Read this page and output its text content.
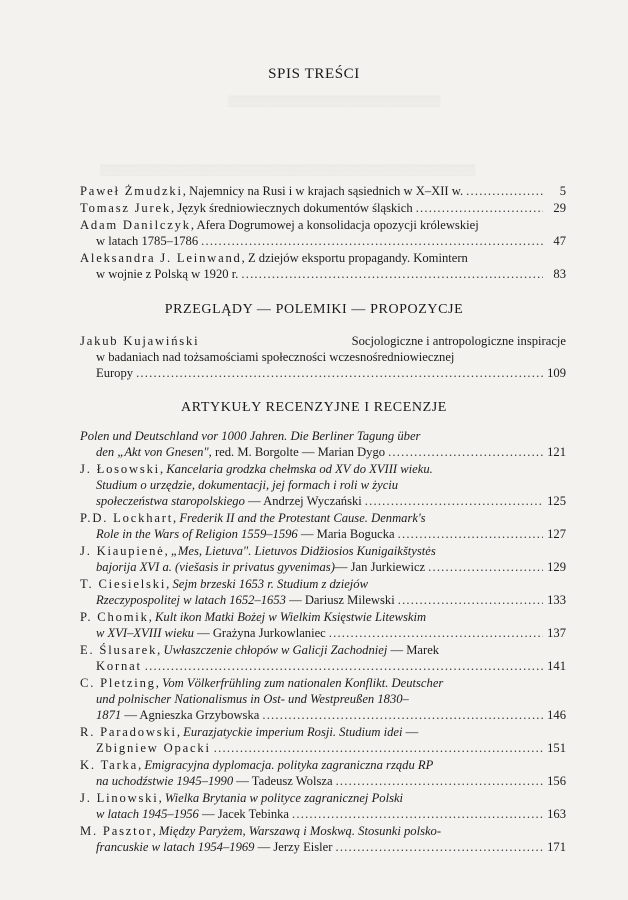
▒▒▒▒▒▒▒▒▒▒▒▒▒▒▒▒▒▒▒▒▒▒▒▒▒▒▒▒▒▒
▒▒▒▒▒▒▒▒▒▒▒▒▒▒▒▒▒▒▒▒▒▒▒▒▒▒▒▒▒▒▒▒▒▒▒▒▒▒▒▒▒▒▒▒▒▒▒▒▒▒▒▒▒
SPIS TREŚCI
Paweł Żmudzki, Najemnicy na Rusi i w krajach sąsiednich w X–XII w. .....	5
Tomasz Jurek, Język średniowiecznych dokumentów śląskich .....	29
Adam Danilczyk, Afera Dogrumowej a konsolidacja opozycji królewskiej
w latach 1785–1786 .....	47
Aleksandra J. Leinwand, Z dziejów eksportu propagandy. Komintern
w wojnie z Polską w 1920 r. .....	83
PRZEGLĄDY — POLEMIKI — PROPOZYCJE
Jakub Kujawiński	Socjologiczne i antropologiczne inspiracje
w badaniach nad tożsamościami społeczności wczesnośredniowiecznej
Europy .....	109
ARTYKUŁY RECENZYJNE I RECENZJE
Polen und Deutschland vor 1000 Jahren. Die Berliner Tagung über
den „Akt von Gnesen", red. M. Borgolte — Marian Dygo .....	121
J. Łosowski, Kancelaria grodzka chełmska od XV do XVIII wieku.
Studium o urzędzie, dokumentacji, jej formach i roli w życiu
społeczeństwa staropolskiego — Andrzej Wyczański .....	125
P.D. Lockhart, Frederik II and the Protestant Cause. Denmark's
Role in the Wars of Religion 1559–1596 — Maria Bogucka .....	127
J. Kiaupienė, „Mes, Lietuva". Lietuvos Didžiosios Kunigaikštystės
bajorija XVI a. (viešasis ir privatus gyvenimas)— Jan Jurkiewicz .....	129
T. Ciesielski, Sejm brzeski 1653 r. Studium z dziejów
Rzeczypospolitej w latach 1652–1653 — Dariusz Milewski .....	133
P. Chomik, Kult ikon Matki Bożej w Wielkim Księstwie Litewskim
w XVI–XVIII wieku — Grażyna Jurkowlaniec .....	137
E. Ślusarek, Uwłaszczenie chłopów w Galicji Zachodniej — Marek
Kornat .....	141
C. Pletzing, Vom Völkerfrühling zum nationalen Konflikt. Deutscher
und polnischer Nationalismus in Ost- und Westpreußen 1830–
1871 — Agnieszka Grzybowska .....	146
R. Paradowski, Eurazjatyckie imperium Rosji. Studium idei —
Zbigniew Opacki .....	151
K. Tarka, Emigracyjna dyplomacja. polityka zagraniczna rządu RP
na uchodźstwie 1945–1990 — Tadeusz Wolsza .....	156
J. Linowski, Wielka Brytania w polityce zagranicznej Polski
w latach 1945–1956 — Jacek Tebinka .....	163
M. Pasztor, Między Paryżem, Warszawą i Moskwą. Stosunki polsko-
francuskie w latach 1954–1969 — Jerzy Eisler .....	171
